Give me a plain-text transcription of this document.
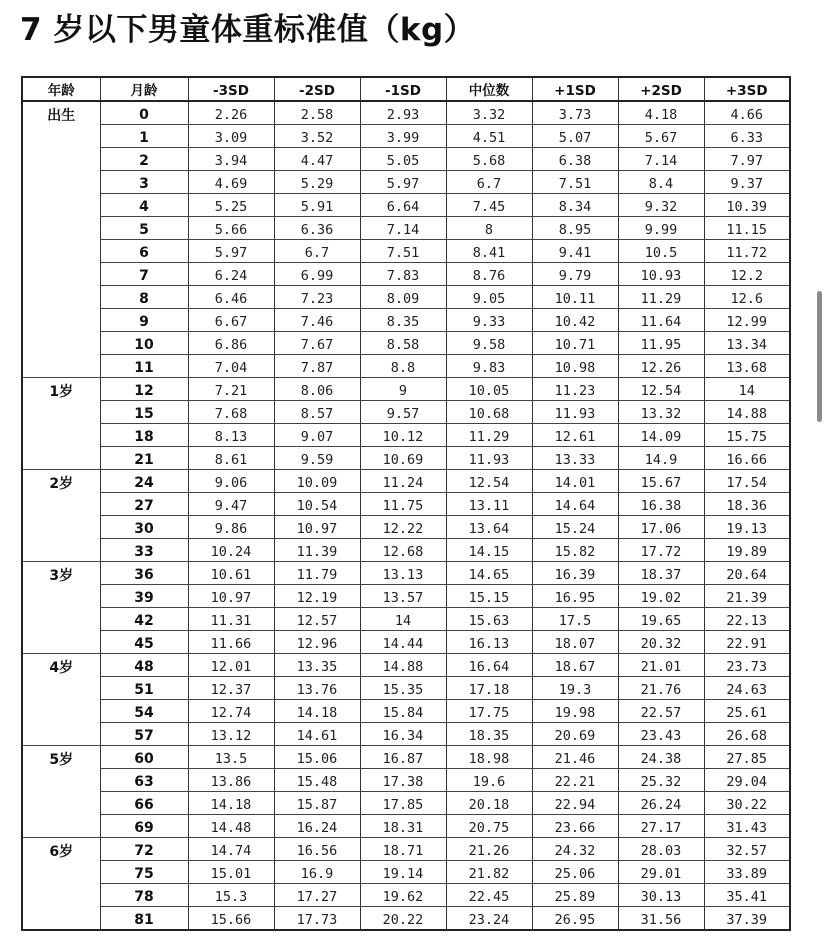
7 岁以下男童体重标准值（kg）
年龄	月龄	-3SD	-2SD	-1SD	中位数	+1SD	+2SD	+3SD
出生	0	2.26	2.58	2.93	3.32	3.73	4.18	4.66
	1	3.09	3.52	3.99	4.51	5.07	5.67	6.33
	2	3.94	4.47	5.05	5.68	6.38	7.14	7.97
	3	4.69	5.29	5.97	6.7	7.51	8.4	9.37
	4	5.25	5.91	6.64	7.45	8.34	9.32	10.39
	5	5.66	6.36	7.14	8	8.95	9.99	11.15
	6	5.97	6.7	7.51	8.41	9.41	10.5	11.72
	7	6.24	6.99	7.83	8.76	9.79	10.93	12.2
	8	6.46	7.23	8.09	9.05	10.11	11.29	12.6
	9	6.67	7.46	8.35	9.33	10.42	11.64	12.99
	10	6.86	7.67	8.58	9.58	10.71	11.95	13.34
	11	7.04	7.87	8.8	9.83	10.98	12.26	13.68
1岁	12	7.21	8.06	9	10.05	11.23	12.54	14
	15	7.68	8.57	9.57	10.68	11.93	13.32	14.88
	18	8.13	9.07	10.12	11.29	12.61	14.09	15.75
	21	8.61	9.59	10.69	11.93	13.33	14.9	16.66
2岁	24	9.06	10.09	11.24	12.54	14.01	15.67	17.54
	27	9.47	10.54	11.75	13.11	14.64	16.38	18.36
	30	9.86	10.97	12.22	13.64	15.24	17.06	19.13
	33	10.24	11.39	12.68	14.15	15.82	17.72	19.89
3岁	36	10.61	11.79	13.13	14.65	16.39	18.37	20.64
	39	10.97	12.19	13.57	15.15	16.95	19.02	21.39
	42	11.31	12.57	14	15.63	17.5	19.65	22.13
	45	11.66	12.96	14.44	16.13	18.07	20.32	22.91
4岁	48	12.01	13.35	14.88	16.64	18.67	21.01	23.73
	51	12.37	13.76	15.35	17.18	19.3	21.76	24.63
	54	12.74	14.18	15.84	17.75	19.98	22.57	25.61
	57	13.12	14.61	16.34	18.35	20.69	23.43	26.68
5岁	60	13.5	15.06	16.87	18.98	21.46	24.38	27.85
	63	13.86	15.48	17.38	19.6	22.21	25.32	29.04
	66	14.18	15.87	17.85	20.18	22.94	26.24	30.22
	69	14.48	16.24	18.31	20.75	23.66	27.17	31.43
6岁	72	14.74	16.56	18.71	21.26	24.32	28.03	32.57
	75	15.01	16.9	19.14	21.82	25.06	29.01	33.89
	78	15.3	17.27	19.62	22.45	25.89	30.13	35.41
	81	15.66	17.73	20.22	23.24	26.95	31.56	37.39
